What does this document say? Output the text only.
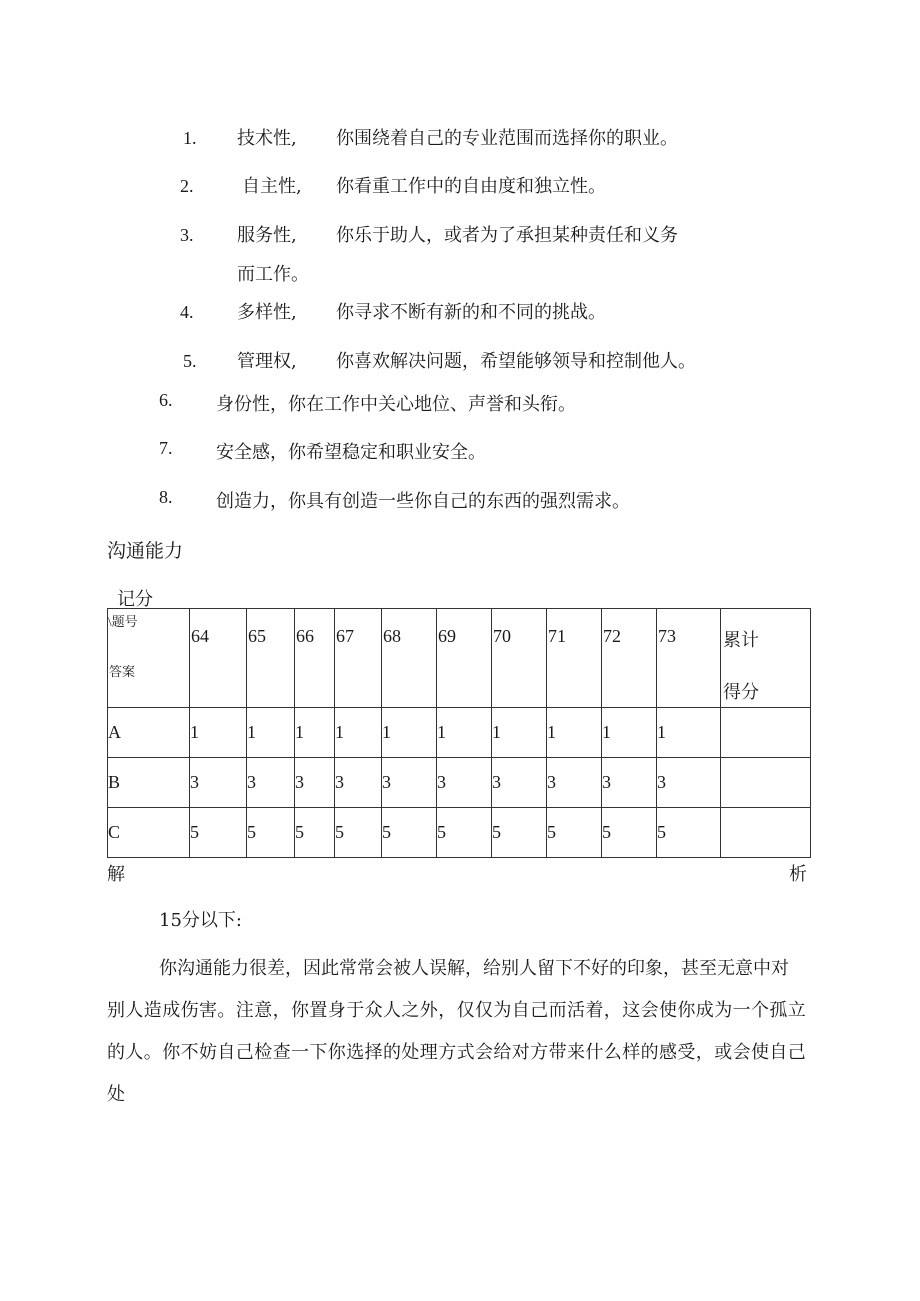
1. 技术性, 你围绕着自己的专业范围而选择你的职业。
2.	自主性, 你看重工作中的自由度和独立性。
3. 服务性, 你乐于助人，或者为了承担某种责任和义务
而工作。
4. 多样性, 你寻求不断有新的和不同的挑战。
5. 管理权, 你喜欢解决问题，希望能够领导和控制他人。
6. 身份性，你在工作中关心地位、声誉和头衔。
7. 安全感，你希望稳定和职业安全。
8. 创造力，你具有创造一些你自己的东西的强烈需求。
沟通能力
记分
\题号
答案	64	65	66	67	68	69	70	71	72	73	累计
得分

A	1	1	1	1	1	1	1	1	1	1	

B	3	3	3	3	3	3	3	3	3	3	

C	5	5	5	5	5	5	5	5	5	5	

解	析
15分以下:
你沟通能力很差，因此常常会被人误解，给别人留下不好的印象，甚至无意中对
别人造成伤害。注意，你置身于众人之外，仅仅为自己而活着，这会使你成为一个孤立的人。你不妨自己检查一下你选择的处理方式会给对方带来什么样的感受，或会使自己处
